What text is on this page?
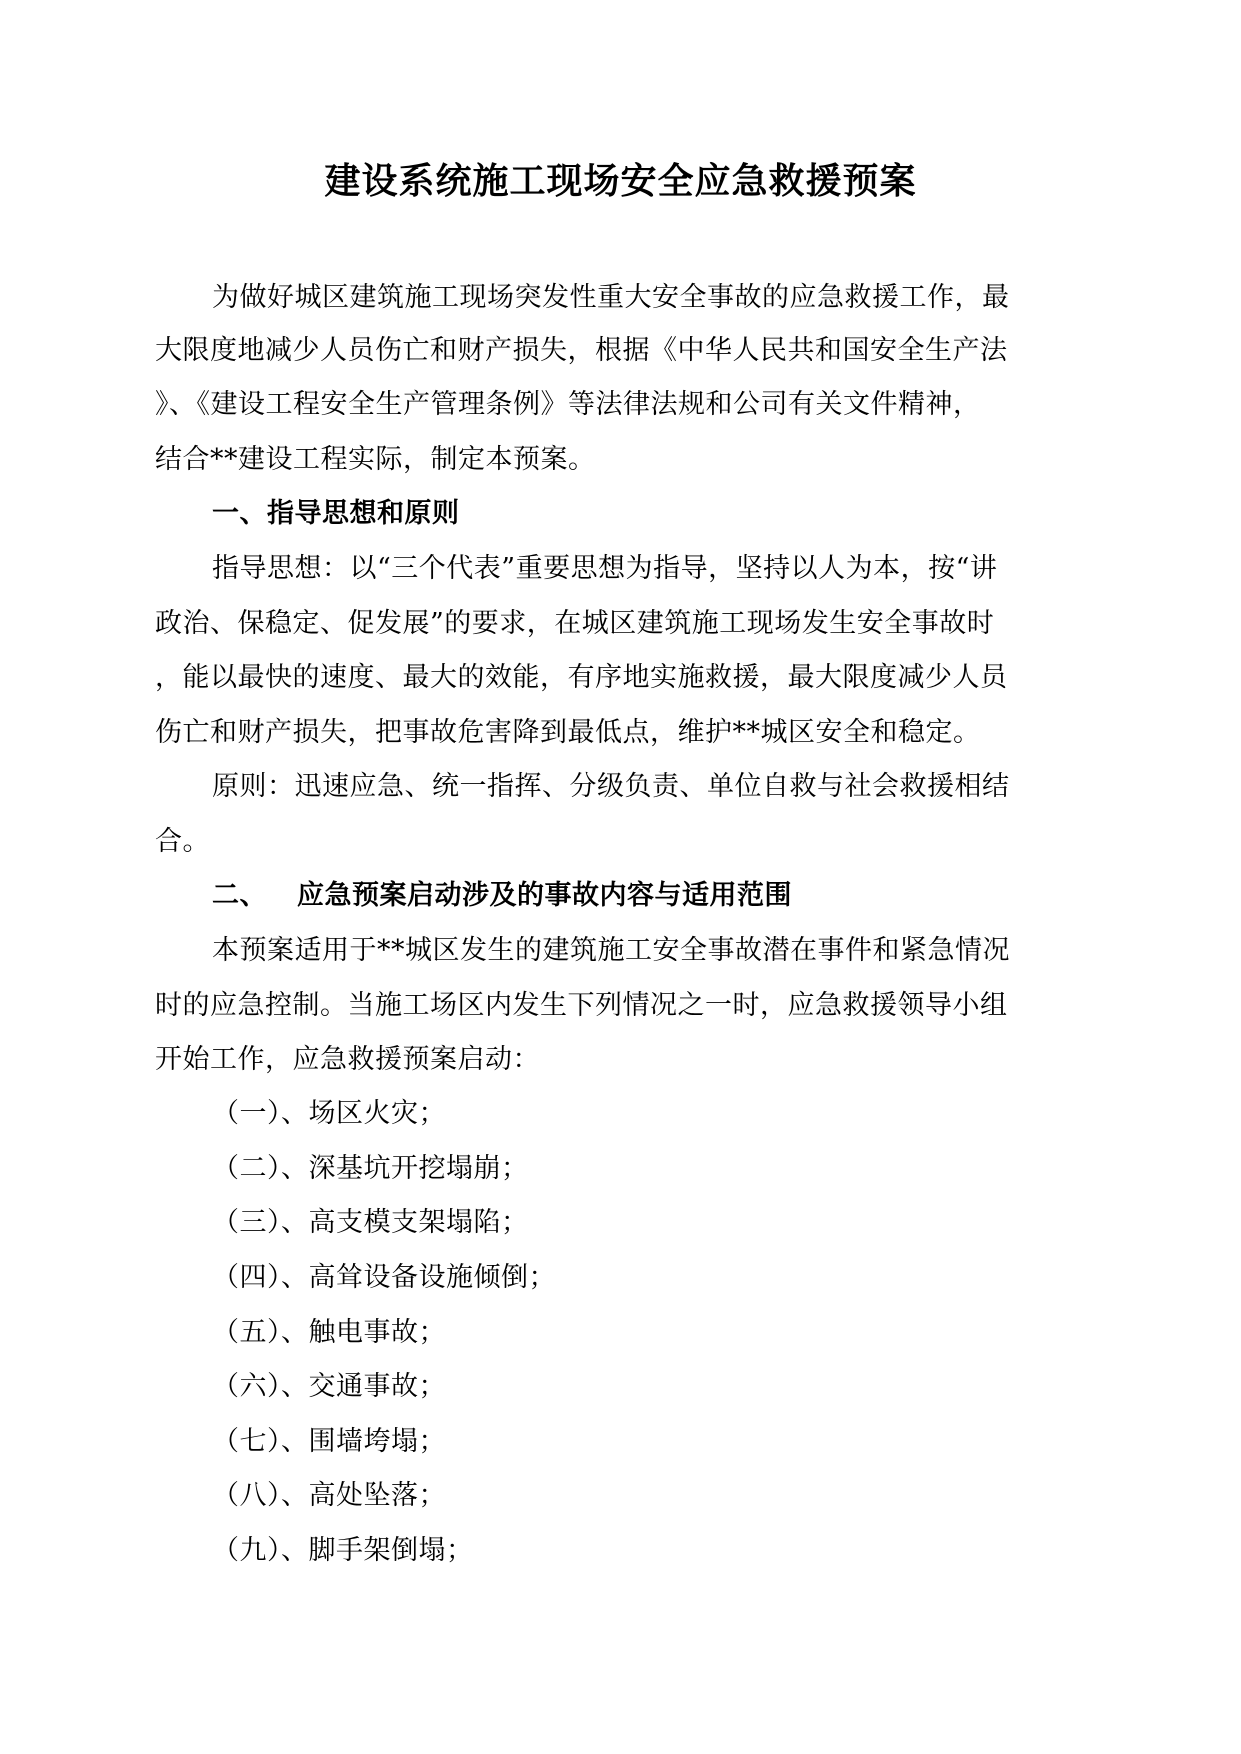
建设系统施工现场安全应急救援预案
为做好城区建筑施工现场突发性重大安全事故的应急救援工作，最
大限度地减少人员伤亡和财产损失，根据《中华人民共和国安全生产法
》、《建设工程安全生产管理条例》等法律法规和公司有关文件精神，
结合**建设工程实际，制定本预案。
一、指导思想和原则
指导思想：以“三个代表”重要思想为指导，坚持以人为本，按“讲
政治、保稳定、促发展”的要求，在城区建筑施工现场发生安全事故时
，能以最快的速度、最大的效能，有序地实施救援，最大限度减少人员
伤亡和财产损失，把事故危害降到最低点，维护**城区安全和稳定。
原则：迅速应急、统一指挥、分级负责、单位自救与社会救援相结
合。
二、 应急预案启动涉及的事故内容与适用范围
本预案适用于**城区发生的建筑施工安全事故潜在事件和紧急情况
时的应急控制。当施工场区内发生下列情况之一时，应急救援领导小组
开始工作，应急救援预案启动：
（一）、场区火灾；
（二）、深基坑开挖塌崩；
（三）、高支模支架塌陷；
（四）、高耸设备设施倾倒；
（五）、触电事故；
（六）、交通事故；
（七）、围墙垮塌；
（八）、高处坠落；
（九）、脚手架倒塌；
